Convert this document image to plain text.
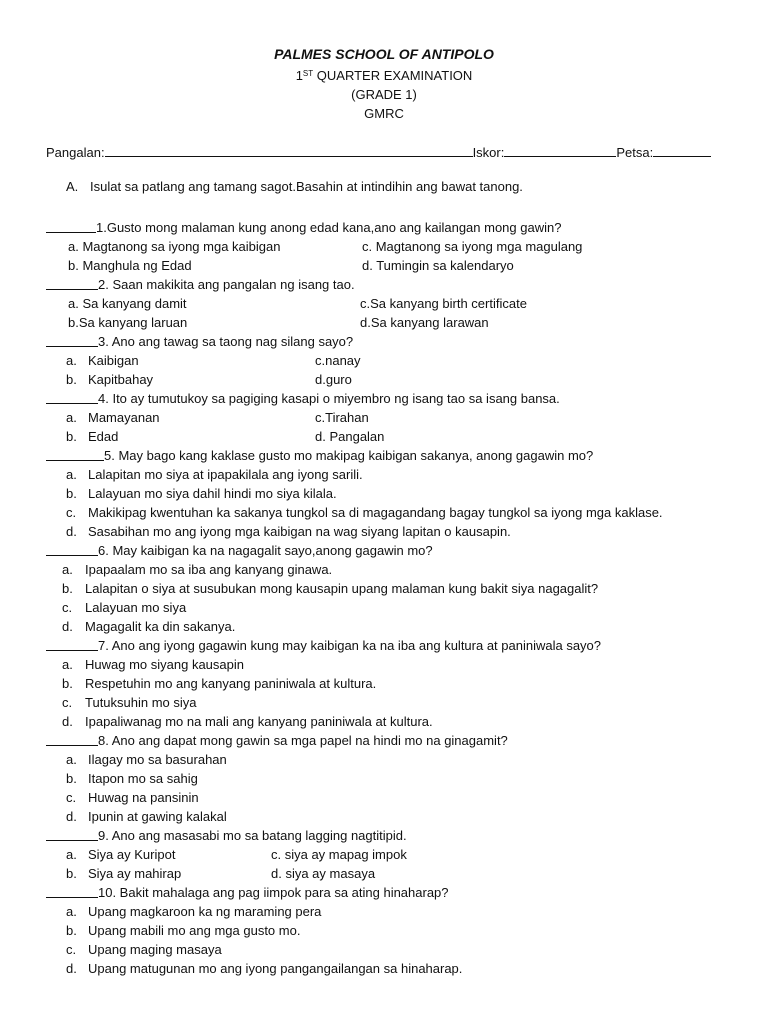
PALMES SCHOOL OF ANTIPOLO
1ST QUARTER EXAMINATION
(GRADE 1)
GMRC
Pangalan:	Iskor:	Petsa:
A. Isulat sa patlang ang tamang sagot.Basahin at intindihin ang bawat tanong.
1.Gusto mong malaman kung anong edad kana,ano ang kailangan mong gawin?
a. Magtanong sa iyong mga kaibigan	c. Magtanong sa iyong mga magulang
b. Manghula ng Edad	d. Tumingin sa kalendaryo
2. Saan makikita ang pangalan ng isang tao.
a. Sa kanyang damit	c.Sa kanyang birth certificate
b.Sa kanyang laruan	d.Sa kanyang larawan
3. Ano ang tawag sa taong nag silang sayo?
a. Kaibigan	c.nanay
b. Kapitbahay	d.guro
4. Ito ay tumutukoy sa pagiging kasapi o miyembro ng isang tao sa isang bansa.
a. Mamayanan	c.Tirahan
b. Edad	d. Pangalan
5. May bago kang kaklase gusto mo makipag kaibigan sakanya, anong gagawin mo?
a. Lalapitan mo siya at ipapakilala ang iyong sarili.
b. Lalayuan mo siya dahil hindi mo siya kilala.
c. Makikipag kwentuhan ka sakanya tungkol sa di magagandang bagay tungkol sa iyong mga kaklase.
d. Sasabihan mo ang iyong mga kaibigan na wag siyang lapitan o kausapin.
6. May kaibigan ka na nagagalit sayo,anong gagawin mo?
a. Ipapaalam mo sa iba ang kanyang ginawa.
b. Lalapitan o siya at susubukan mong kausapin upang malaman kung bakit siya nagagalit?
c. Lalayuan mo siya
d. Magagalit ka din sakanya.
7. Ano ang iyong gagawin kung may kaibigan ka na iba ang kultura at paniniwala sayo?
a. Huwag mo siyang kausapin
b. Respetuhin mo ang kanyang paniniwala at kultura.
c. Tutuksuhin mo siya
d. Ipapaliwanag mo na mali ang kanyang paniniwala at kultura.
8. Ano ang dapat mong gawin sa mga papel na hindi mo na ginagamit?
a. Ilagay mo sa basurahan
b. Itapon mo sa sahig
c. Huwag na pansinin
d. Ipunin at gawing kalakal
9. Ano ang masasabi mo sa batang lagging nagtitipid.
a. Siya ay Kuripot	c. siya ay mapag impok
b. Siya ay mahirap	d. siya ay masaya
10. Bakit mahalaga ang pag iimpok para sa ating hinaharap?
a. Upang magkaroon ka ng maraming pera
b. Upang mabili mo ang mga gusto mo.
c. Upang maging masaya
d. Upang matugunan mo ang iyong pangangailangan sa hinaharap.
